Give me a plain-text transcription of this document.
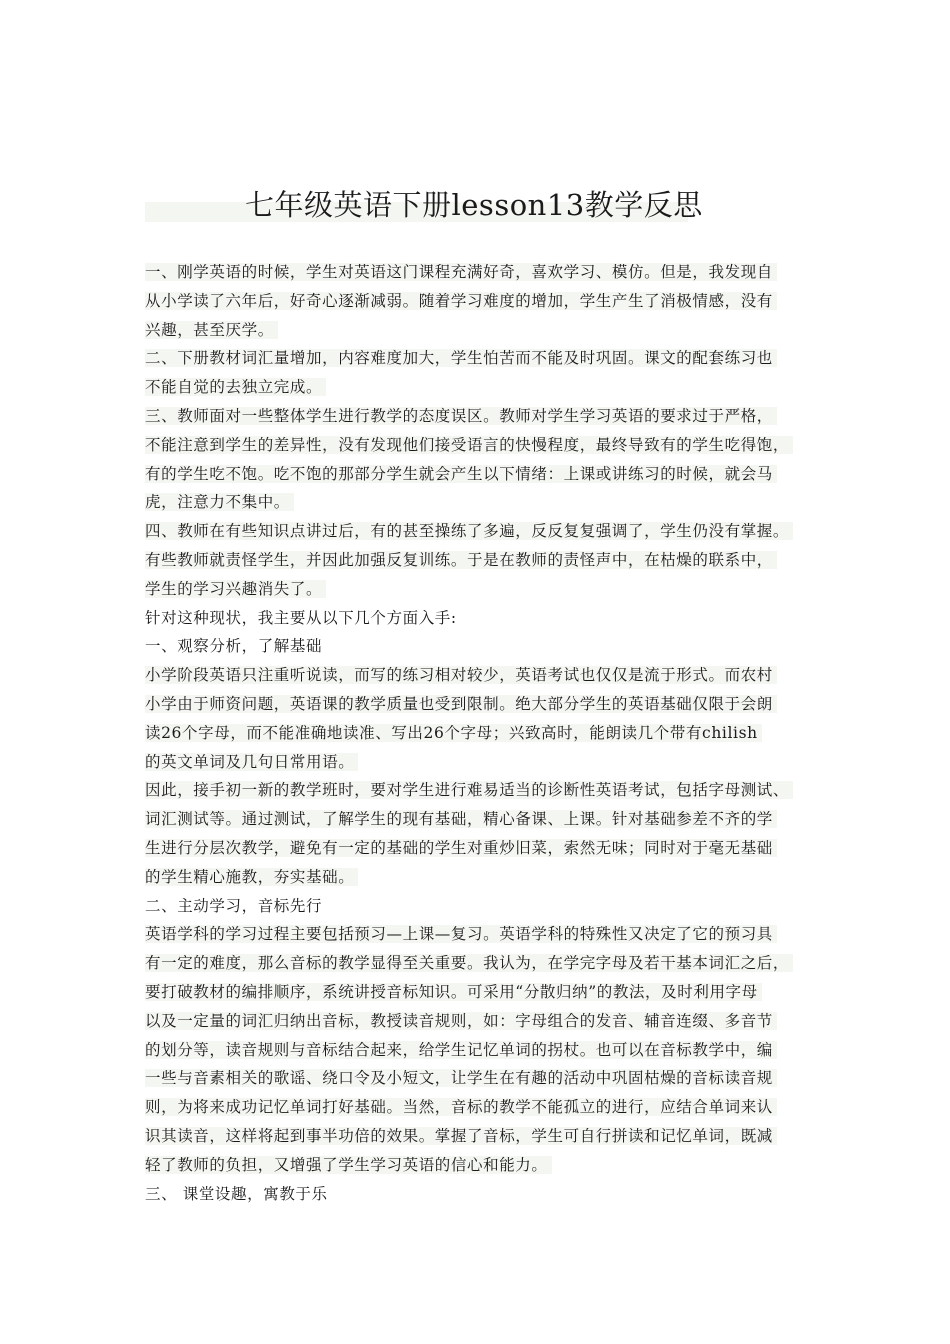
七年级英语下册lesson13教学反思
一、刚学英语的时候，学生对英语这门课程充满好奇，喜欢学习、模仿。但是，我发现自
从小学读了六年后，好奇心逐渐减弱。随着学习难度的增加，学生产生了消极情感，没有
兴趣，甚至厌学。
二、下册教材词汇量增加，内容难度加大，学生怕苦而不能及时巩固。课文的配套练习也
不能自觉的去独立完成。
三、教师面对一些整体学生进行教学的态度误区。教师对学生学习英语的要求过于严格，
不能注意到学生的差异性，没有发现他们接受语言的快慢程度，最终导致有的学生吃得饱，
有的学生吃不饱。吃不饱的那部分学生就会产生以下情绪：上课或讲练习的时候，就会马
虎，注意力不集中。
四、教师在有些知识点讲过后，有的甚至操练了多遍，反反复复强调了，学生仍没有掌握。
有些教师就责怪学生，并因此加强反复训练。于是在教师的责怪声中，在枯燥的联系中，
学生的学习兴趣消失了。
针对这种现状，我主要从以下几个方面入手:
一、观察分析，了解基础
小学阶段英语只注重听说读，而写的练习相对较少，英语考试也仅仅是流于形式。而农村
小学由于师资问题，英语课的教学质量也受到限制。绝大部分学生的英语基础仅限于会朗
读26个字母，而不能准确地读准、写出26个字母；兴致高时，能朗读几个带有chilish
的英文单词及几句日常用语。
因此，接手初一新的教学班时，要对学生进行难易适当的诊断性英语考试，包括字母测试、
词汇测试等。通过测试，了解学生的现有基础，精心备课、上课。针对基础参差不齐的学
生进行分层次教学，避免有一定的基础的学生对重炒旧菜，索然无味；同时对于毫无基础
的学生精心施教，夯实基础。
二、主动学习，音标先行
英语学科的学习过程主要包括预习—上课—复习。英语学科的特殊性又决定了它的预习具
有一定的难度，那么音标的教学显得至关重要。我认为，在学完字母及若干基本词汇之后，
要打破教材的编排顺序，系统讲授音标知识。可采用“分散归纳”的教法，及时利用字母
以及一定量的词汇归纳出音标，教授读音规则，如：字母组合的发音、辅音连缀、多音节
的划分等，读音规则与音标结合起来，给学生记忆单词的拐杖。也可以在音标教学中，编
一些与音素相关的歌谣、绕口令及小短文，让学生在有趣的活动中巩固枯燥的音标读音规
则，为将来成功记忆单词打好基础。当然，音标的教学不能孤立的进行，应结合单词来认
识其读音，这样将起到事半功倍的效果。掌握了音标，学生可自行拼读和记忆单词，既减
轻了教师的负担，又增强了学生学习英语的信心和能力。
三、 课堂设趣，寓教于乐
